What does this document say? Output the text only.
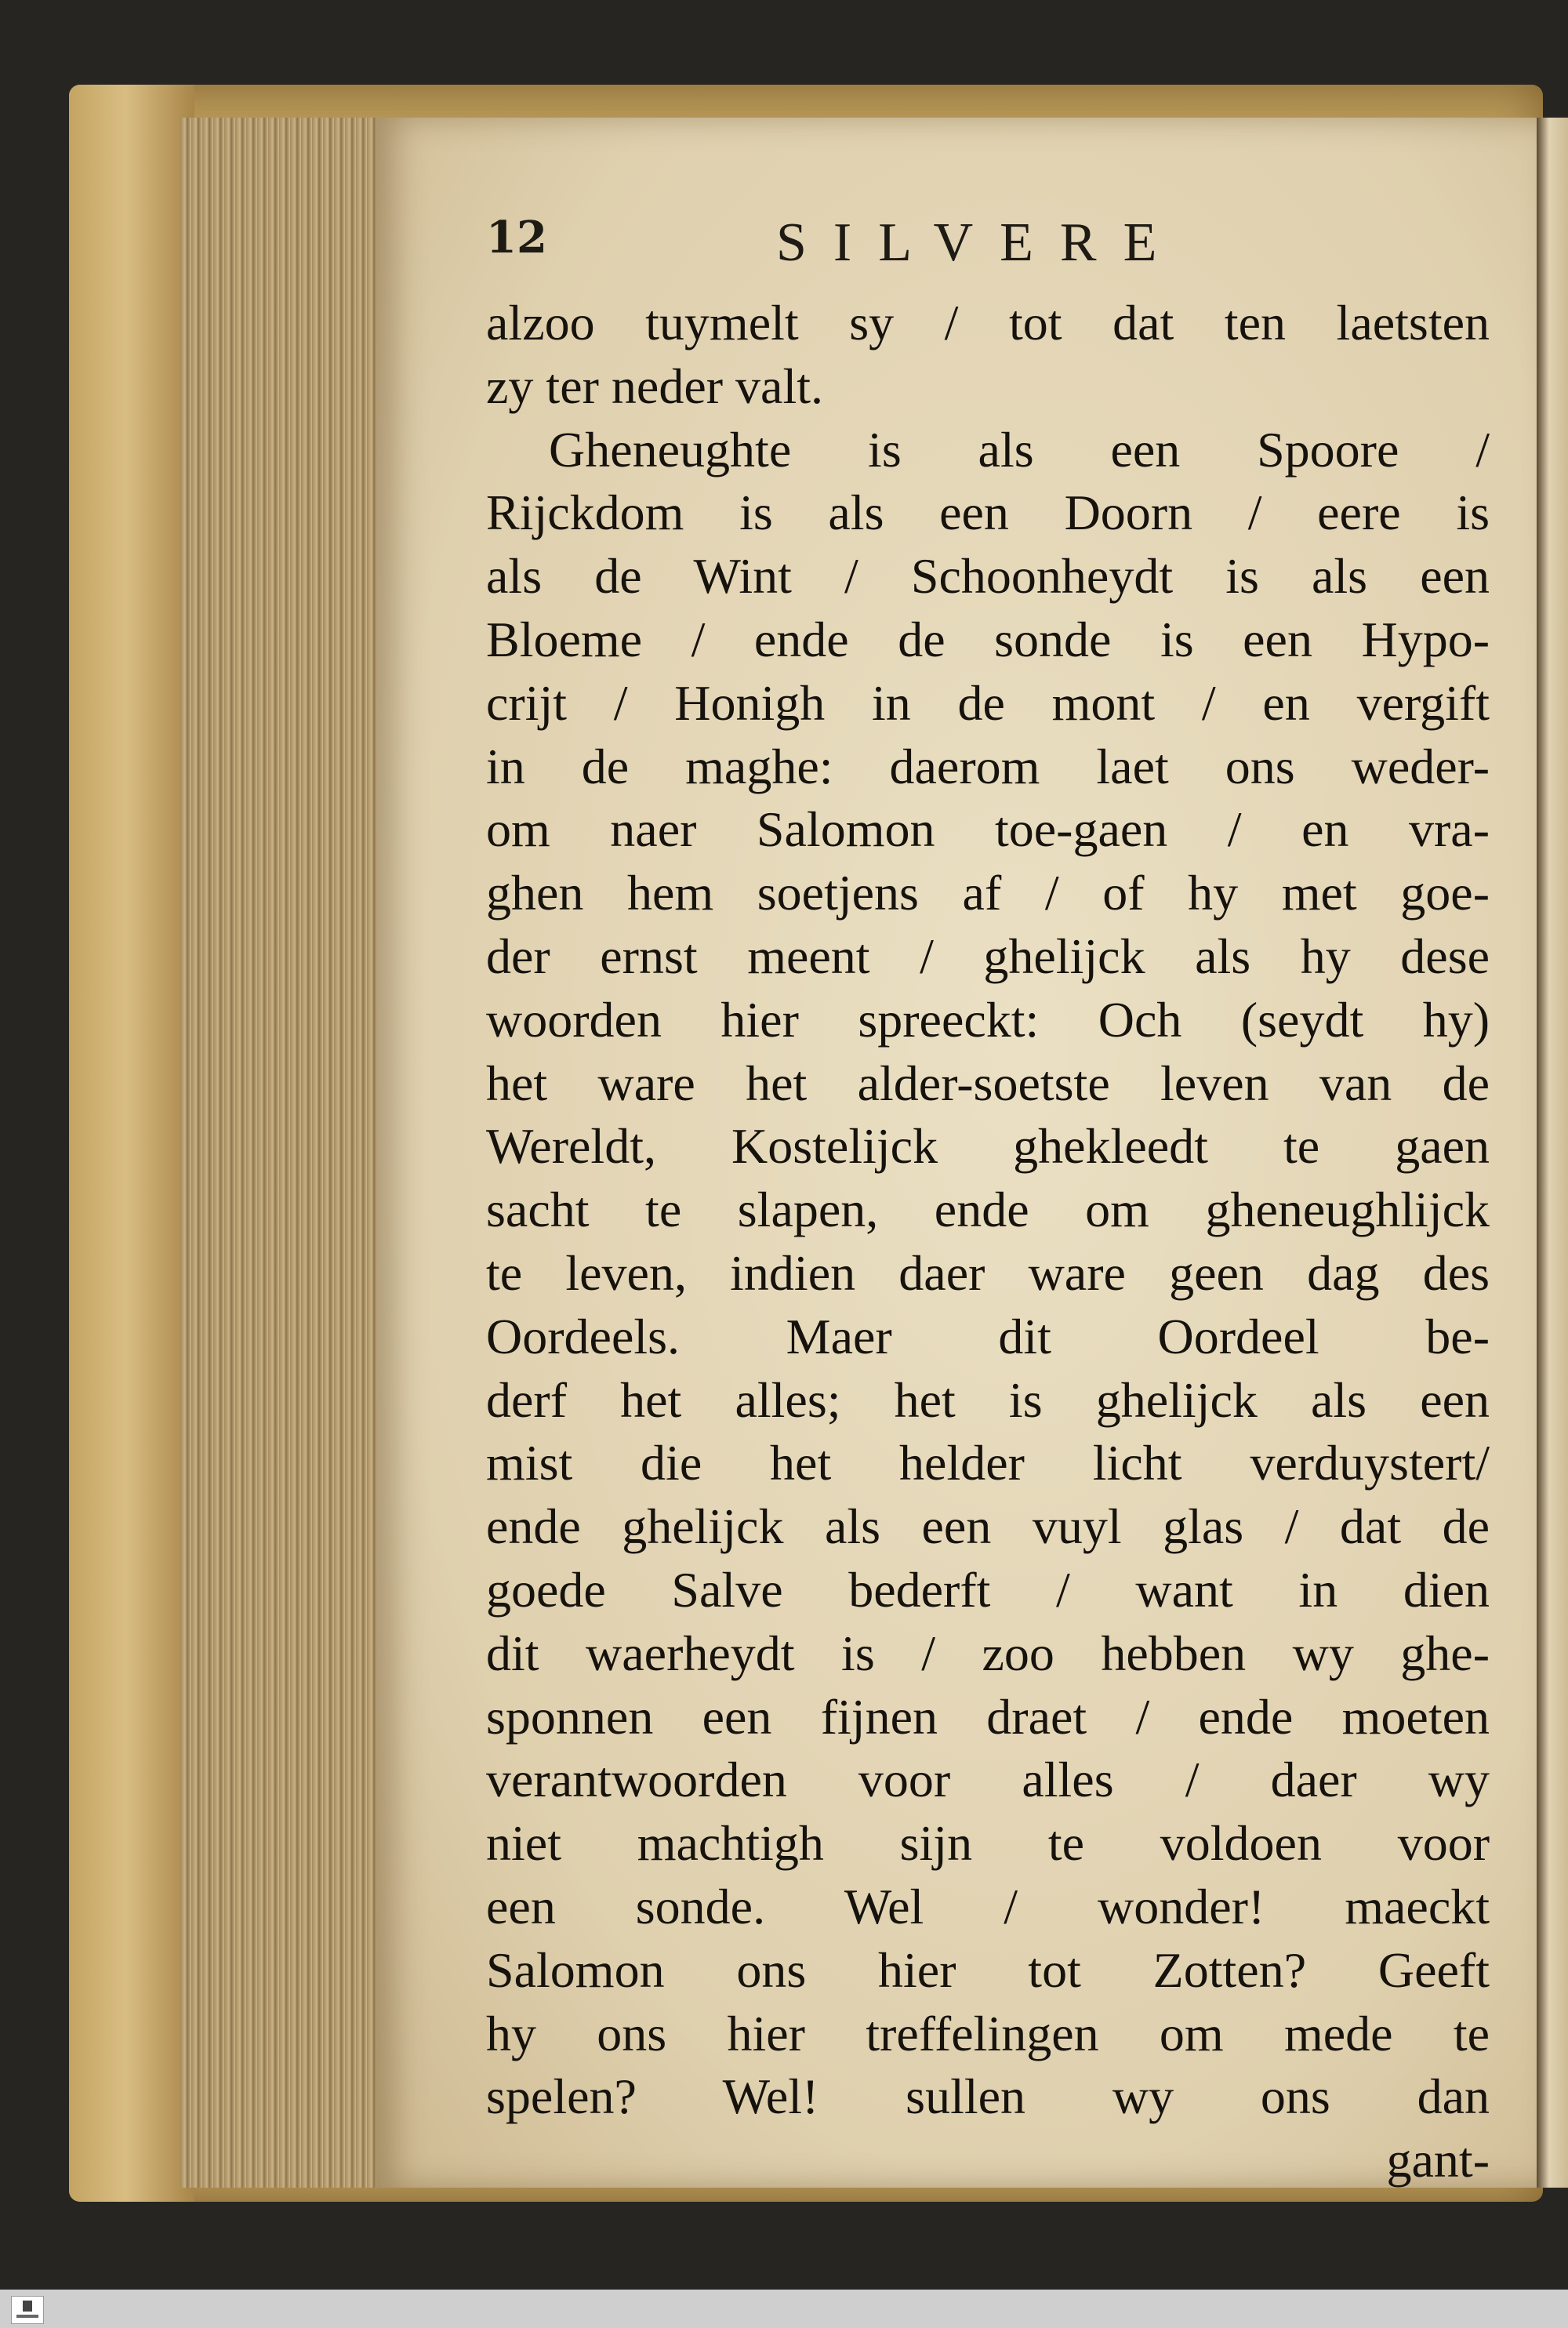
12	SILVERE
alzoo tuymelt sy / tot dat ten laetsten
zy ter neder valt.
Gheneughte is als een Spoore /
Rijckdom is als een Doorn / eere is
als de Wint / Schoonheydt is als een
Bloeme / ende de sonde is een Hypo-
crijt / Honigh in de mont / en vergift
in de maghe: daerom laet ons weder-
om naer Salomon toe-gaen / en vra-
ghen hem soetjens af / of hy met goe-
der ernst meent / ghelijck als hy dese
woorden hier spreeckt: Och (seydt hy)
het ware het alder-soetste leven van de
Wereldt, Kostelijck ghekleedt te gaen
sacht te slapen, ende om gheneughlijck
te leven, indien daer ware geen dag des
Oordeels. Maer dit Oordeel be-
derf het alles; het is ghelijck als een
mist die het helder licht verduystert/
ende ghelijck als een vuyl glas / dat de
goede Salve bederft / want in dien
dit waerheydt is / zoo hebben wy ghe-
sponnen een fijnen draet / ende moeten
verantwoorden voor alles / daer wy
niet machtigh sijn te voldoen voor
een sonde. Wel / wonder! maeckt
Salomon ons hier tot Zotten? Geeft
hy ons hier treffelingen om mede te
spelen? Wel! sullen wy ons dan
gant-
